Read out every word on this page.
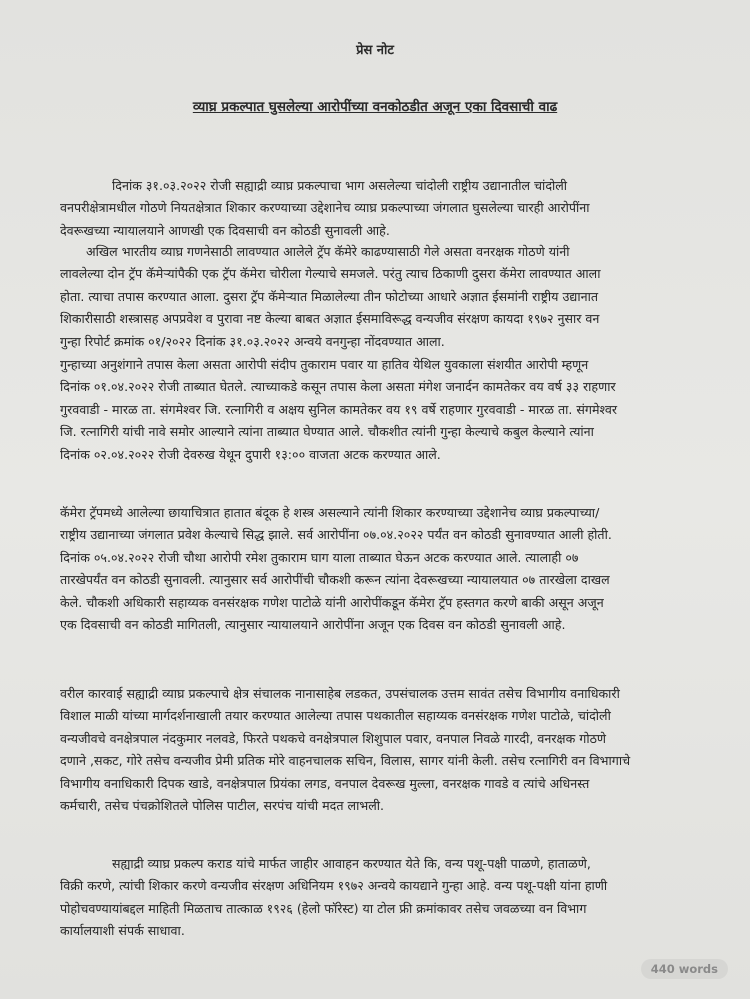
प्रेस नोट
व्याघ्र प्रकल्पात घुसलेल्या आरोपींच्या वनकोठडीत अजून एका दिवसाची वाढ
दिनांक ३१.०३.२०२२ रोजी सह्याद्री व्याघ्र प्रकल्पाचा भाग असलेल्या चांदोली राष्ट्रीय उद्यानातील चांदोली
वनपरीक्षेत्रामधील गोठणे नियतक्षेत्रात शिकार करण्याच्या उद्देशानेच व्याघ्र प्रकल्पाच्या जंगलात घुसलेल्या चारही आरोपींना
देवरूखच्या न्यायालयाने आणखी एक दिवसाची वन कोठडी सुनावली आहे.
अखिल भारतीय व्याघ्र गणनेसाठी लावण्यात आलेले ट्रॅप कॅमेरे काढण्यासाठी गेले असता वनरक्षक गोठणे यांनी
लावलेल्या दोन ट्रॅप कॅमेऱ्यांपैकी एक ट्रॅप कॅमेरा चोरीला गेल्याचे समजले. परंतु त्याच ठिकाणी दुसरा कॅमेरा लावण्यात आला
होता. त्याचा तपास करण्यात आला. दुसरा ट्रॅप कॅमेऱ्यात मिळालेल्या तीन फोटोच्या आधारे अज्ञात ईसमांनी राष्ट्रीय उद्यानात
शिकारीसाठी शस्त्रासह अपप्रवेश व पुरावा नष्ट केल्या बाबत अज्ञात ईसमाविरूद्ध वन्यजीव संरक्षण कायदा १९७२ नुसार वन
गुन्हा रिपोर्ट क्रमांक ०१/२०२२ दिनांक ३१.०३.२०२२ अन्वये वनगुन्हा नोंदवण्यात आला.
गुन्हाच्या अनुशंगाने तपास केला असता आरोपी संदीप तुकाराम पवार या हातिव येथिल युवकाला संशयीत आरोपी म्हणून
दिनांक ०१.०४.२०२२ रोजी ताब्यात घेतले. त्याच्याकडे कसून तपास केला असता मंगेश जनार्दन कामतेकर वय वर्ष ३३ राहणार
गुरववाडी - मारळ ता. संगमेश्वर जि. रत्नागिरी व अक्षय सुनिल कामतेकर वय १९ वर्षे राहणार गुरववाडी - मारळ ता. संगमेश्वर
जि. रत्नागिरी यांची नावे समोर आल्याने त्यांना ताब्यात घेण्यात आले. चौकशीत त्यांनी गुन्हा केल्याचे कबुल केल्याने त्यांना
दिनांक ०२.०४.२०२२ रोजी देवरुख येथून दुपारी १३:०० वाजता अटक करण्यात आले.
कॅमेरा ट्रॅपमध्ये आलेल्या छायाचित्रात हातात बंदूक हे शस्त्र असल्याने त्यांनी शिकार करण्याच्या उद्देशानेच व्याघ्र प्रकल्पाच्या/
राष्ट्रीय उद्यानाच्या जंगलात प्रवेश केल्याचे सिद्ध झाले. सर्व आरोपींना ०७.०४.२०२२ पर्यंत वन कोठडी सुनावण्यात आली होती.
दिनांक ०५.०४.२०२२ रोजी चौथा आरोपी रमेश तुकाराम घाग याला ताब्यात घेऊन अटक करण्यात आले. त्यालाही ०७
तारखेपर्यंत वन कोठडी सुनावली. त्यानुसार सर्व आरोपींची चौकशी करून त्यांना देवरूखच्या न्यायालयात ०७ तारखेला दाखल
केले. चौकशी अधिकारी सहाय्यक वनसंरक्षक गणेश पाटोळे यांनी आरोपींकडून कॅमेरा ट्रॅप हस्तगत करणे बाकी असून अजून
एक दिवसाची वन कोठडी मागितली, त्यानुसार न्यायालयाने आरोपींना अजून एक दिवस वन कोठडी सुनावली आहे.
वरील कारवाई सह्याद्री व्याघ्र प्रकल्पाचे क्षेत्र संचालक नानासाहेब लडकत, उपसंचालक उत्तम सावंत तसेच विभागीय वनाधिकारी
विशाल माळी यांच्या मार्गदर्शनाखाली तयार करण्यात आलेल्या तपास पथकातील सहाय्यक वनसंरक्षक गणेश पाटोळे, चांदोली
वन्यजीवचे वनक्षेत्रपाल नंदकुमार नलवडे, फिरते पथकचे वनक्षेत्रपाल शिशुपाल पवार, वनपाल निवळे गारदी, वनरक्षक गोठणे
दणाने ,सकट, गोरे तसेच वन्यजीव प्रेमी प्रतिक मोरे वाहनचालक सचिन, विलास, सागर यांनी केली. तसेच रत्नागिरी वन विभागाचे
विभागीय वनाधिकारी दिपक खाडे, वनक्षेत्रपाल प्रियंका लगड, वनपाल देवरूख मुल्ला, वनरक्षक गावडे व त्यांचे अधिनस्त
कर्मचारी, तसेच पंचक्रोशितले पोलिस पाटील, सरपंच यांची मदत लाभली.
सह्याद्री व्याघ्र प्रकल्प कराड यांचे मार्फत जाहीर आवाहन करण्यात येते कि, वन्य पशू-पक्षी पाळणे, हाताळणे,
विक्री करणे, त्यांची शिकार करणे वन्यजीव संरक्षण अधिनियम १९७२ अन्वये कायद्याने गुन्हा आहे. वन्य पशू-पक्षी यांना हाणी
पोहोचवण्यायांबद्दल माहिती मिळताच तात्काळ १९२६ (हेलो फॉरेस्ट) या टोल फ्री क्रमांकावर तसेच जवळच्या वन विभाग
कार्यालयाशी संपर्क साधावा.
440 words
